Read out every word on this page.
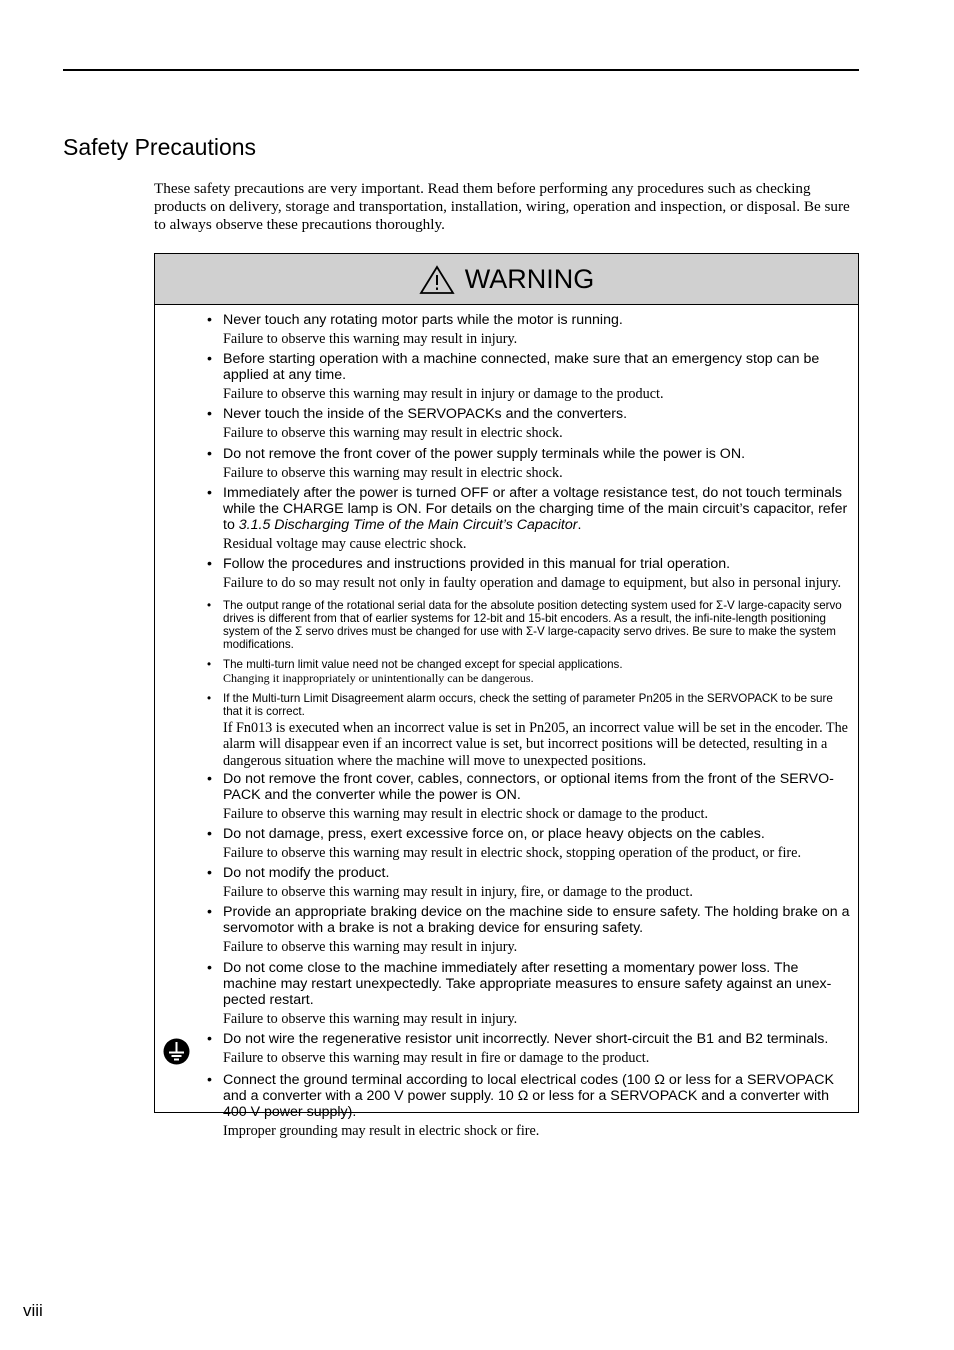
Safety Precautions

These safety precautions are very important. Read them before performing any procedures such as checking products on delivery, storage and transportation, installation, wiring, operation and inspection, or disposal. Be sure to always observe these precautions thoroughly.

WARNING
• Never touch any rotating motor parts while the motor is running.
Failure to observe this warning may result in injury.
• Before starting operation with a machine connected, make sure that an emergency stop can be applied at any time.
Failure to observe this warning may result in injury or damage to the product.
• Never touch the inside of the SERVOPACKs and the converters.
Failure to observe this warning may result in electric shock.
• Do not remove the front cover of the power supply terminals while the power is ON.
Failure to observe this warning may result in electric shock.
• Immediately after the power is turned OFF or after a voltage resistance test, do not touch terminals while the CHARGE lamp is ON. For details on the charging time of the main circuit’s capacitor, refer to 3.1.5 Discharging Time of the Main Circuit’s Capacitor.
Residual voltage may cause electric shock.
• Follow the procedures and instructions provided in this manual for trial operation.
Failure to do so may result not only in faulty operation and damage to equipment, but also in personal injury.
• The output range of the rotational serial data for the absolute position detecting system used for Σ-V large-capacity servo drives is different from that of earlier systems for 12-bit and 15-bit encoders. As a result, the infi-nite-length positioning system of the Σ servo drives must be changed for use with Σ-V large-capacity servo drives. Be sure to make the system modifications.
• The multi-turn limit value need not be changed except for special applications.
Changing it inappropriately or unintentionally can be dangerous.
• If the Multi-turn Limit Disagreement alarm occurs, check the setting of parameter Pn205 in the SERVOPACK to be sure that it is correct.
If Fn013 is executed when an incorrect value is set in Pn205, an incorrect value will be set in the encoder. The alarm will disappear even if an incorrect value is set, but incorrect positions will be detected, resulting in a dangerous situation where the machine will move to unexpected positions.
• Do not remove the front cover, cables, connectors, or optional items from the front of the SERVO-PACK and the converter while the power is ON.
Failure to observe this warning may result in electric shock or damage to the product.
• Do not damage, press, exert excessive force on, or place heavy objects on the cables.
Failure to observe this warning may result in electric shock, stopping operation of the product, or fire.
• Do not modify the product.
Failure to observe this warning may result in injury, fire, or damage to the product.
• Provide an appropriate braking device on the machine side to ensure safety. The holding brake on a servomotor with a brake is not a braking device for ensuring safety.
Failure to observe this warning may result in injury.
• Do not come close to the machine immediately after resetting a momentary power loss. The machine may restart unexpectedly. Take appropriate measures to ensure safety against an unex-pected restart.
Failure to observe this warning may result in injury.
• Do not wire the regenerative resistor unit incorrectly. Never short-circuit the B1 and B2 terminals.
Failure to observe this warning may result in fire or damage to the product.
• Connect the ground terminal according to local electrical codes (100 Ω or less for a SERVOPACK and a converter with a 200 V power supply. 10 Ω or less for a SERVOPACK and a converter with 400 V power supply).
Improper grounding may result in electric shock or fire.
viii
